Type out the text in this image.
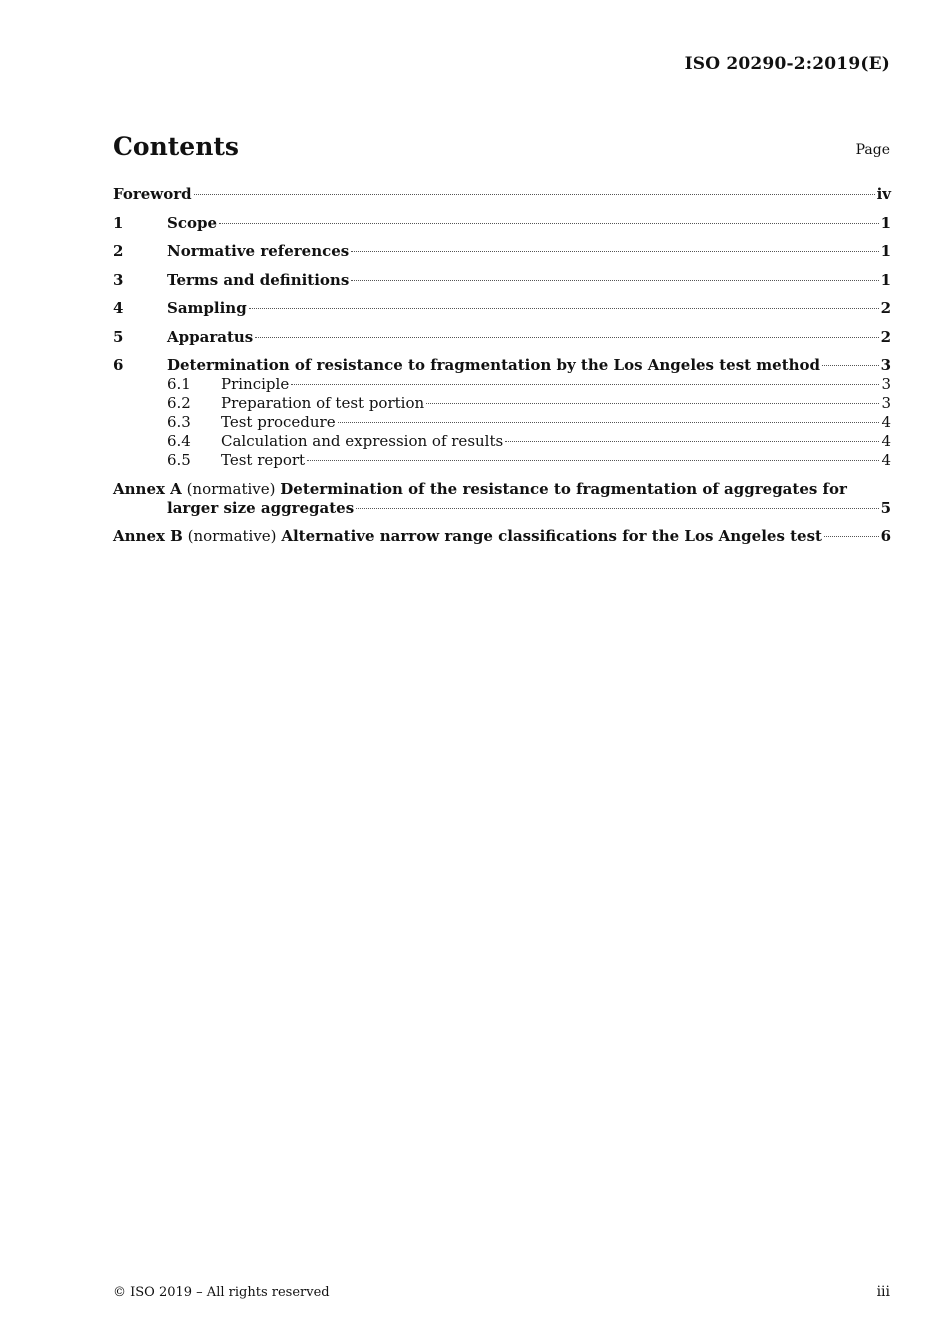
ISO 20290-2:2019(E)
Contents	Page
Foreword	iv
1	Scope	1
2	Normative references	1
3	Terms and definitions	1
4	Sampling	2
5	Apparatus	2
6	Determination of resistance to fragmentation by the Los Angeles test method	3
6.1	Principle	3
6.2	Preparation of test portion	3
6.3	Test procedure	4
6.4	Calculation and expression of results	4
6.5	Test report	4
Annex A (normative) Determination of the resistance to fragmentation of aggregates for
larger size aggregates	5
Annex B (normative) Alternative narrow range classifications for the Los Angeles test	6
© ISO 2019 – All rights reserved	iii
